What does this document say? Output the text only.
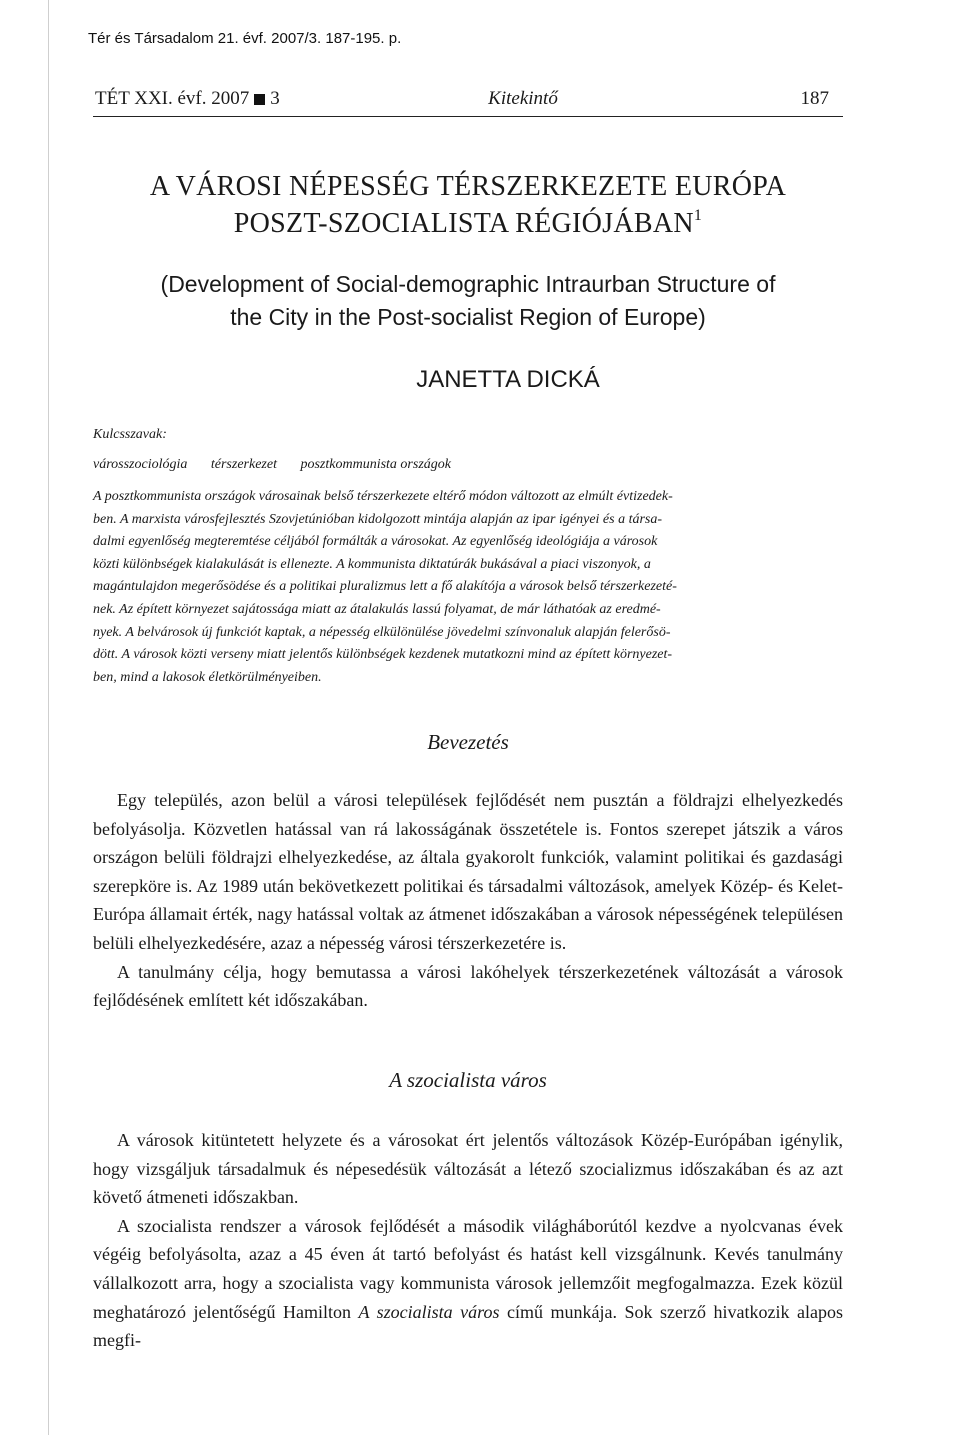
Tér és Társadalom 21. évf. 2007/3. 187-195. p.
TÉT XXI. évf. 2007 3	Kitekintő	187
A VÁROSI NÉPESSÉG TÉRSZERKEZETE EURÓPA
POSZT-SZOCIALISTA RÉGIÓJÁBAN$^1$
(Development of Social-demographic Intraurban Structure of
the City in the Post-socialist Region of Europe)
JANETTA DICKÁ
Kulcsszavak:
városszociológia térszerkezet posztkommunista országok
A posztkommunista országok városainak belső térszerkezete eltérő módon változott az elmúlt évtizedek-
ben. A marxista városfejlesztés Szovjetúnióban kidolgozott mintája alapján az ipar igényei és a társa-
dalmi egyenlőség megteremtése céljából formálták a városokat. Az egyenlőség ideológiája a városok
közti különbségek kialakulását is ellenezte. A kommunista diktatúrák bukásával a piaci viszonyok, a
magántulajdon megerősödése és a politikai pluralizmus lett a fő alakítója a városok belső térszerkezeté-
nek. Az épített környezet sajátossága miatt az átalakulás lassú folyamat, de már láthatóak az eredmé-
nyek. A belvárosok új funkciót kaptak, a népesség elkülönülése jövedelmi színvonaluk alapján felerősö-
dött. A városok közti verseny miatt jelentős különbségek kezdenek mutatkozni mind az épített környezet-
ben, mind a lakosok életkörülményeiben.
Bevezetés

Egy település, azon belül a városi települések fejlődését nem pusztán a földrajzi elhelyezkedés befolyásolja. Közvetlen hatással van rá lakosságának összetétele is. Fontos szerepet játszik a város országon belüli földrajzi elhelyezkedése, az általa gyakorolt funkciók, valamint politikai és gazdasági szerepköre is. Az 1989 után bekövetkezett politikai és társadalmi változások, amelyek Közép- és Kelet-Európa államait érték, nagy hatással voltak az átmenet időszakában a városok népességének településen belüli elhelyezkedésére, azaz a népesség városi térszerkezetére is.

A tanulmány célja, hogy bemutassa a városi lakóhelyek térszerkezetének változását a városok fejlődésének említett két időszakában.

A szocialista város

A városok kitüntetett helyzete és a városokat ért jelentős változások Közép-Európában igénylik, hogy vizsgáljuk társadalmuk és népesedésük változását a létező szocializmus időszakában és az azt követő átmeneti időszakban.

A szocialista rendszer a városok fejlődését a második világháborútól kezdve a nyolcvanas évek végéig befolyásolta, azaz a 45 éven át tartó befolyást és hatást kell vizsgálnunk. Kevés tanulmány vállalkozott arra, hogy a szocialista vagy kommunista városok jellemzőit megfogalmazza. Ezek közül meghatározó jelentőségű Hamilton A szocialista város című munkája. Sok szerző hivatkozik alapos megfi-
